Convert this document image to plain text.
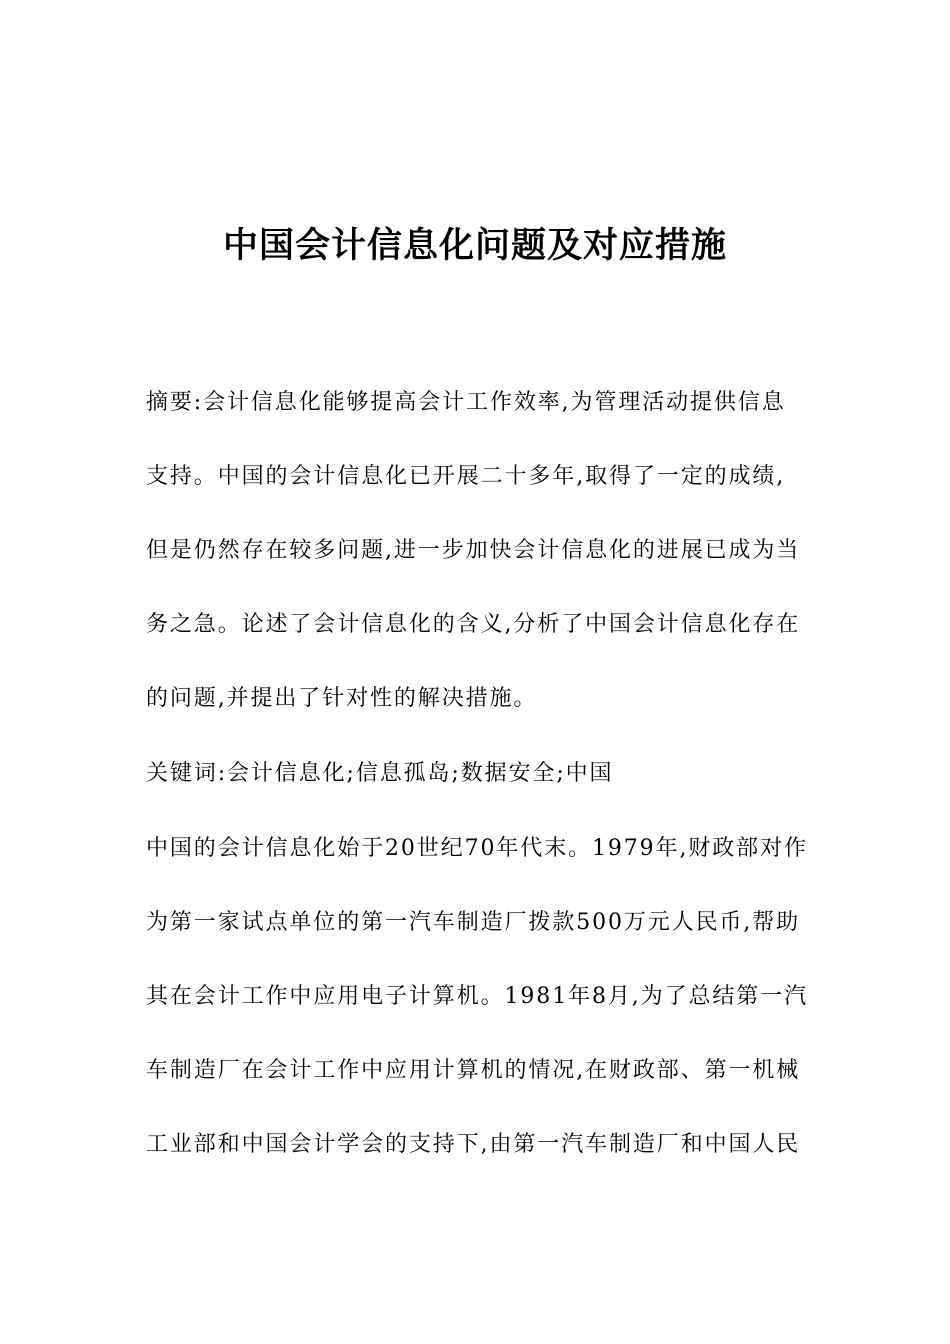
中国会计信息化问题及对应措施
摘要:会计信息化能够提高会计工作效率,为管理活动提供信息
支持。中国的会计信息化已开展二十多年,取得了一定的成绩,
但是仍然存在较多问题,进一步加快会计信息化的进展已成为当
务之急。论述了会计信息化的含义,分析了中国会计信息化存在
的问题,并提出了针对性的解决措施。
关键词:会计信息化;信息孤岛;数据安全;中国
中国的会计信息化始于20世纪70年代末。1979年,财政部对作
为第一家试点单位的第一汽车制造厂拨款500万元人民币,帮助
其在会计工作中应用电子计算机。1981年8月,为了总结第一汽
车制造厂在会计工作中应用计算机的情况,在财政部、第一机械
工业部和中国会计学会的支持下,由第一汽车制造厂和中国人民
